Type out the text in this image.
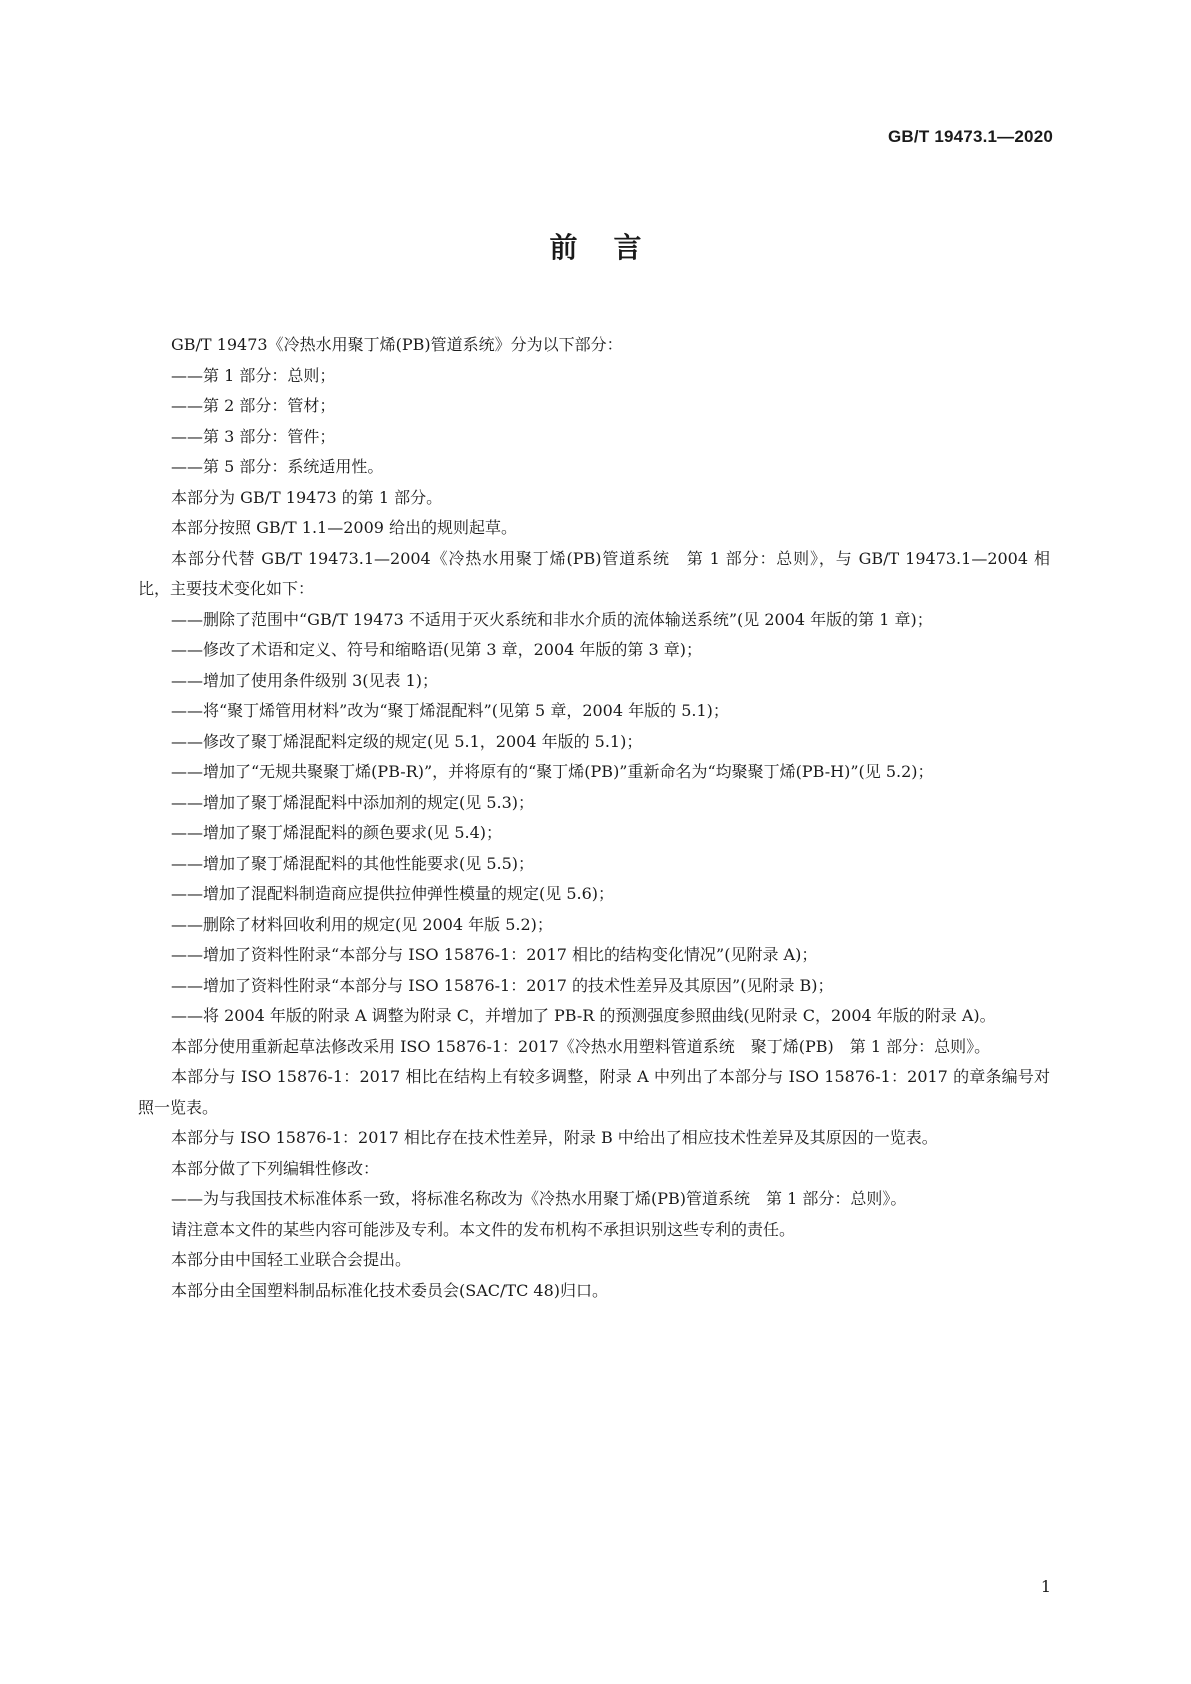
GB/T 19473.1—2020
前言

GB/T 19473《冷热水用聚丁烯(PB)管道系统》分为以下部分：

——第 1 部分：总则；

——第 2 部分：管材；

——第 3 部分：管件；

——第 5 部分：系统适用性。

本部分为 GB/T 19473 的第 1 部分。

本部分按照 GB/T 1.1—2009 给出的规则起草。

本部分代替 GB/T 19473.1—2004《冷热水用聚丁烯(PB)管道系统　第 1 部分：总则》，与 GB/T 19473.1—2004 相比，主要技术变化如下：

——删除了范围中“GB/T 19473 不适用于灭火系统和非水介质的流体输送系统”(见 2004 年版的第 1 章)；

——修改了术语和定义、符号和缩略语(见第 3 章，2004 年版的第 3 章)；

——增加了使用条件级别 3(见表 1)；

——将“聚丁烯管用材料”改为“聚丁烯混配料”(见第 5 章，2004 年版的 5.1)；

——修改了聚丁烯混配料定级的规定(见 5.1，2004 年版的 5.1)；

——增加了“无规共聚聚丁烯(PB-R)”，并将原有的“聚丁烯(PB)”重新命名为“均聚聚丁烯(PB-H)”(见 5.2)；

——增加了聚丁烯混配料中添加剂的规定(见 5.3)；

——增加了聚丁烯混配料的颜色要求(见 5.4)；

——增加了聚丁烯混配料的其他性能要求(见 5.5)；

——增加了混配料制造商应提供拉伸弹性模量的规定(见 5.6)；

——删除了材料回收利用的规定(见 2004 年版 5.2)；

——增加了资料性附录“本部分与 ISO 15876-1：2017 相比的结构变化情况”(见附录 A)；

——增加了资料性附录“本部分与 ISO 15876-1：2017 的技术性差异及其原因”(见附录 B)；

——将 2004 年版的附录 A 调整为附录 C，并增加了 PB-R 的预测强度参照曲线(见附录 C，2004 年版的附录 A)。

本部分使用重新起草法修改采用 ISO 15876-1：2017《冷热水用塑料管道系统　聚丁烯(PB)　第 1 部分：总则》。

本部分与 ISO 15876-1：2017 相比在结构上有较多调整，附录 A 中列出了本部分与 ISO 15876-1：2017 的章条编号对照一览表。

本部分与 ISO 15876-1：2017 相比存在技术性差异，附录 B 中给出了相应技术性差异及其原因的一览表。

本部分做了下列编辑性修改：

——为与我国技术标准体系一致，将标准名称改为《冷热水用聚丁烯(PB)管道系统　第 1 部分：总则》。

请注意本文件的某些内容可能涉及专利。本文件的发布机构不承担识别这些专利的责任。

本部分由中国轻工业联合会提出。

本部分由全国塑料制品标准化技术委员会(SAC/TC 48)归口。

1
